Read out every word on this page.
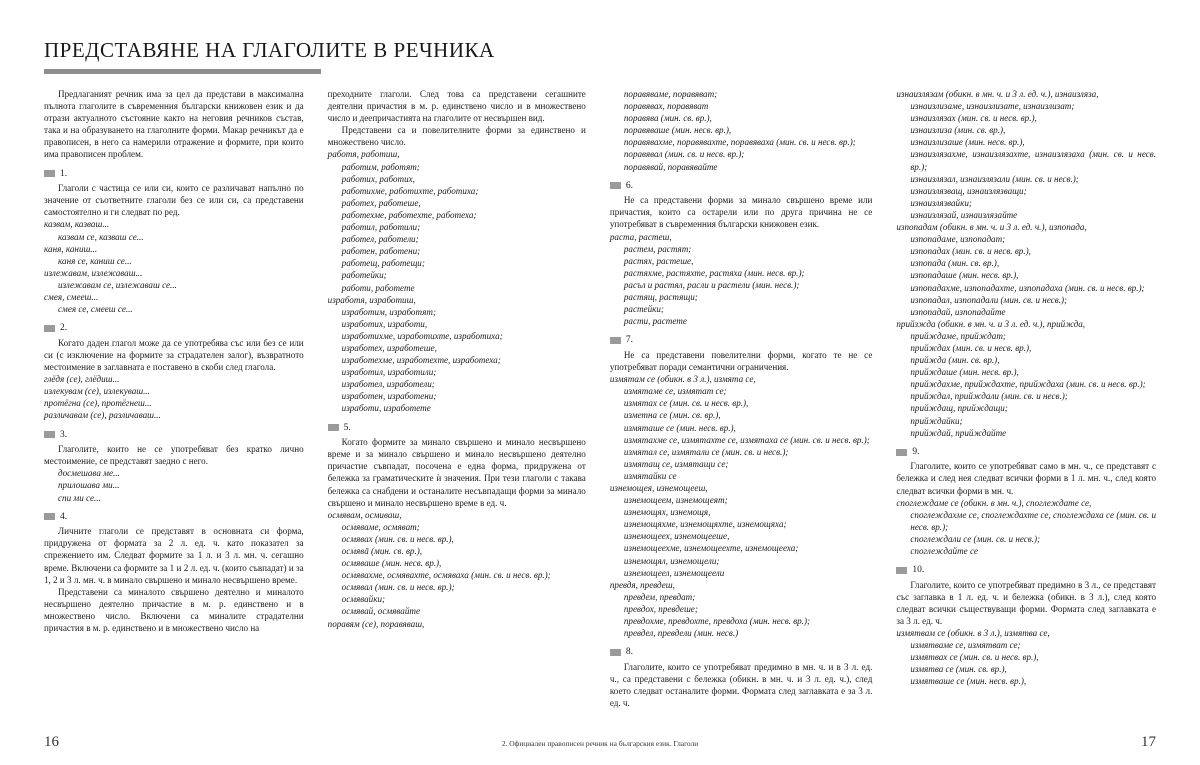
ПРЕДСТАВЯНЕ НА ГЛАГОЛИТЕ В РЕЧНИКА

Предлаганият речник има за цел да представи в максимална пълнота глаголите в съвременния български книжовен език и да отрази актуалното състояние както на неговия речников състав, така и на образуването на глаголните форми. Макар речникът да е правописен, в него са намерили отражение и формите, при които има правописен проблем.

1.

Глаголи с частица се или си, които се различават напълно по значение от съответните глаголи без се или си, са представени самостоятелно и ги следват по ред.

казвам, казваш...
казвам се, казваш се...
каня, каниш...
каня се, каниш се...
излежавам, излежаваш...
излежавам се, излежаваш се...
смея, смееш...
смея се, смееш се...
2.

Когато даден глагол може да се употребява със или без се или си (с изключение на формите за страдателен залог), възвратното местоимение в заглавната е поставено в скоби след глагола.

глёдя (се), глёдиш...
излекувам (се), излекуваш...
протёгна (се), протёгнеш...
различавам (се), различаваш...
3.

Глаголите, които не се употребяват без кратко лично местоимение, се представят заедно с него.

досмешава ме...
прилошава ми...
спи ми се...
4.

Личните глаголи се представят в основната си форма, придружена от формата за 2 л. ед. ч. като показател за спрежението им. Следват формите за 1 л. и 3 л. мн. ч. сегашно време. Включени са формите за 1 и 2 л. ед. ч. (които съвпадат) и за 1, 2 и 3 л. мн. ч. в минало свършено и минало несвършено време.

Представени са миналото свършено деятелно и миналото несвършено деятелно причастие в м. р. единствено и в множествено число. Включени са миналите страдателни причастия в м. р. единствено и в множествено число на

преходните глаголи. След това са представени сегашните деятелни причастия в м. р. единствено число и в множествено число и деепричастията на глаголите от несвършен вид.

Представени са и повелителните форми за единствено и множествено число.

работя, работиш,
работим, работят;
работих, работих,
работихме, работихте, работиха;
работех, работеше,
работехме, работехте, работеха;
работил, работили;
работел, работели;
работен, работени;
работещ, работещи;
работейки;
работи, работете
изработя, изработиш,
изработим, изработят;
изработих, изработи,
изработихме, изработихте, изработиха;
изработех, изработеше,
изработехме, изработехте, изработеха;
изработил, изработили;
изработел, изработели;
изработен, изработени;
изработи, изработете
5.

Когато формите за минало свършено и минало несвършено време и за минало свършено и минало несвършено деятелно причастие съвпадат, посочена е една форма, придружена от бележка за граматическите ѝ значения. При тези глаголи с такава бележка са снабдени и останалите несъвпадащи форми за минало свършено и минало несвършено време в ед. ч.

осмявам, осмиваш,
осмяваме, осмяват;
осмявах (мин. св. и несв. вр.),
осмявā (мин. св. вр.),
осмяваше (мин. несв. вр.),
осмявахме, осмявахте, осмяваха (мин. св. и несв. вр.);
осмявал (мин. св. и несв. вр.);
осмявайки;
осмявай, осмявайте
поравям (се), поравяваш,
поравяваме, поравяват;
поравявах, поравяват
поравява (мин. св. вр.),
поравяваше (мин. несв. вр.),
поравявахме, поравявахте, поравяваха (мин. св. и несв. вр.);
поравявал (мин. св. и несв. вр.);
поравявай, поравявайте
6.

Не са представени форми за минало свършено време или причастия, които са остарели или по друга причина не се употребяват в съвременния български книжовен език.

раста, растеш,
растем, растят;
растях, растеше,
растяхме, растяхте, растяха (мин. несв. вр.);
расъл и растял, расли и растели (мин. несв.);
растящ, растящи;
растейки;
расти, растете
7.

Не са представени повелителни форми, когато те не се употребяват поради семантични ограничения.

измятам се (обикн. в 3 л.), измята се,
измятаме се, измятат се;
измятах се (мин. св. и несв. вр.),
изметна се (мин. св. вр.),
измяташе се (мин. несв. вр.),
измятахме се, измятахте се, измятаха се (мин. св. и несв. вр.);
измятал се, измятали се (мин. св. и несв.);
измятащ се, измятащи се;
измятайки се
изнемощея, изнемощееш,
изнемощеем, изнемощеят;
изнемощях, изнемощя,
изнемощяхме, изнемощяхте, изнемощяха;
изнемощеех, изнемощееше,
изнемощеехме, изнемощеехте, изнемощееха;
изнемощял, изнемощели;
изнемощеел, изнемощеели
превдя, превдеш,
превдем, превдат;
превдох, превдеше;
превдохме, превдохте, превдоха (мин. несв. вр.);
превдел, превдели (мин. несв.)
8.

Глаголите, които се употребяват предимно в мн. ч. и в 3 л. ед. ч., са представени с бележка (обикн. в мн. ч. и 3 л. ед. ч.), след което следват останалите форми. Формата след заглавката е за 3 л. ед. ч.

изнаизлязам (обикн. в мн. ч. и 3 л. ед. ч.), изнаизляза,
изнаизлизаме, изнаизлизате, изнаизлизат;
изнаизлязах (мин. св. и несв. вр.),
изнаизлиза (мин. св. вр.),
изнаизлизаше (мин. несв. вр.),
изнаизлязахме, изнаизлязахте, изнаизлязаха (мин. св. и несв. вр.);
изнаизлязал, изнаизлязали (мин. св. и несв.);
изнаизлязващ, изнаизлязващи;
изнаизлязвайки;
изнаизлязай, изнаизлязайте
изпопадам (обикн. в мн. ч. и 3 л. ед. ч.), изпопадa,
изпопадаме, изпопадат;
изпопадах (мин. св. и несв. вр.),
изпопада (мин. св. вр.),
изпопадаше (мин. несв. вр.),
изпопадахме, изпопадахте, изпопадаха (мин. св. и несв. вр.);
изпопадал, изпопадали (мин. св. и несв.);
изпопадай, изпопадайте
прийзжда (обикн. в мн. ч. и 3 л. ед. ч.), прийжда,
прийждаме, прийждат;
прийждах (мин. св. и несв. вр.),
прийжда (мин. св. вр.),
прийждаше (мин. несв. вр.),
прийждахме, прийждахте, прийждаха (мин. св. и несв. вр.);
прийждал, прийждали (мин. св. и несв.);
прийждащ, прийждащи;
прийждайки;
прийждай, прийждайте
9.

Глаголите, които се употребяват само в мн. ч., се представят с бележка и след нея следват всички форми в 1 л. мн. ч., след която следват всички форми в мн. ч.

споглеждаме се (обикн. в мн. ч.), споглеждате се,
споглеждахме се, споглеждахте се, споглеждаха се (мин. св. и несв. вр.);
споглеждали се (мин. св. и несв.);
споглеждайте се
10.

Глаголите, които се употребяват предимно в 3 л., се представят със заглавка в 1 л. ед. ч. и бележка (обикн. в 3 л.), след която следват всички съществуващи форми. Формата след заглавката е за 3 л. ед. ч.

измятвам се (обикн. в 3 л.), измятва се,
измятваме се, измятват се;
измятвах се (мин. св. и несв. вр.),
измятва се (мин. св. вр.),
измятваше се (мин. несв. вр.),
16	2. Официален правописен речник на българския език. Глаголи	17
